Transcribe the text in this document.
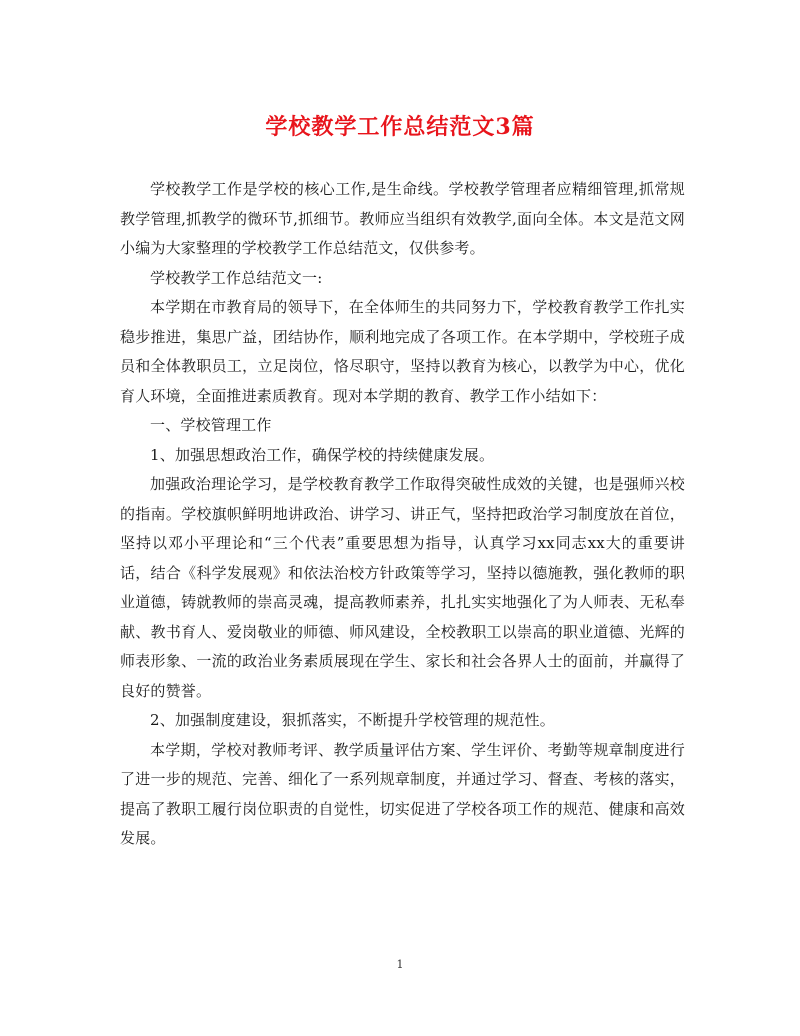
学校教学工作总结范文3篇

学校教学工作是学校的核心工作,是生命线。学校教学管理者应精细管理,抓常规教学管理,抓教学的微环节,抓细节。教师应当组织有效教学,面向全体。本文是范文网小编为大家整理的学校教学工作总结范文，仅供参考。

学校教学工作总结范文一:

本学期在市教育局的领导下，在全体师生的共同努力下，学校教育教学工作扎实稳步推进，集思广益，团结协作，顺利地完成了各项工作。在本学期中，学校班子成员和全体教职员工，立足岗位，恪尽职守，坚持以教育为核心，以教学为中心，优化育人环境，全面推进素质教育。现对本学期的教育、教学工作小结如下：

一、学校管理工作

1、加强思想政治工作，确保学校的持续健康发展。

加强政治理论学习，是学校教育教学工作取得突破性成效的关键，也是强师兴校的指南。学校旗帜鲜明地讲政治、讲学习、讲正气，坚持把政治学习制度放在首位，坚持以邓小平理论和“三个代表”重要思想为指导，认真学习xx同志xx大的重要讲话，结合《科学发展观》和依法治校方针政策等学习，坚持以德施教，强化教师的职业道德，铸就教师的崇高灵魂，提高教师素养，扎扎实实地强化了为人师表、无私奉献、教书育人、爱岗敬业的师德、师风建设，全校教职工以崇高的职业道德、光辉的师表形象、一流的政治业务素质展现在学生、家长和社会各界人士的面前，并赢得了良好的赞誉。

2、加强制度建设，狠抓落实，不断提升学校管理的规范性。

本学期，学校对教师考评、教学质量评估方案、学生评价、考勤等规章制度进行了进一步的规范、完善、细化了一系列规章制度，并通过学习、督查、考核的落实，提高了教职工履行岗位职责的自觉性，切实促进了学校各项工作的规范、健康和高效发展。

1
